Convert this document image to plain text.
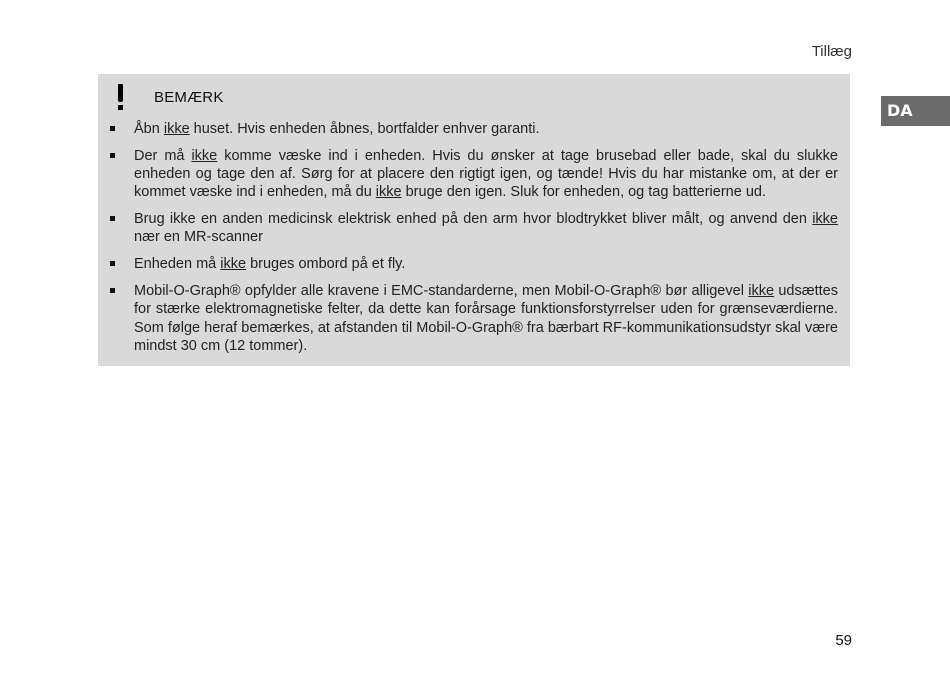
Tillæg
DA
BEMÆRK
Åbn ikke huset. Hvis enheden åbnes, bortfalder enhver garanti.
Der må ikke komme væske ind i enheden. Hvis du ønsker at tage brusebad eller bade, skal du slukke enheden og tage den af. Sørg for at placere den rigtigt igen, og tænde! Hvis du har mistanke om, at der er kommet væske ind i enheden, må du ikke bruge den igen. Sluk for enheden, og tag batterierne ud.
Brug ikke en anden medicinsk elektrisk enhed på den arm hvor blodtrykket bliver målt, og anvend den ikke nær en MR-scanner
Enheden må ikke bruges ombord på et fly.
Mobil-O-Graph® opfylder alle kravene i EMC-standarderne, men Mobil-O-Graph® bør alligevel ikke udsættes for stærke elektromagnetiske felter, da dette kan forårsage funktionsforstyrrelser uden for grænseværdierne. Som følge heraf bemærkes, at afstanden til Mobil-O-Graph® fra bærbart RF-kommunikationsudstyr skal være mindst 30 cm (12 tommer).
59
